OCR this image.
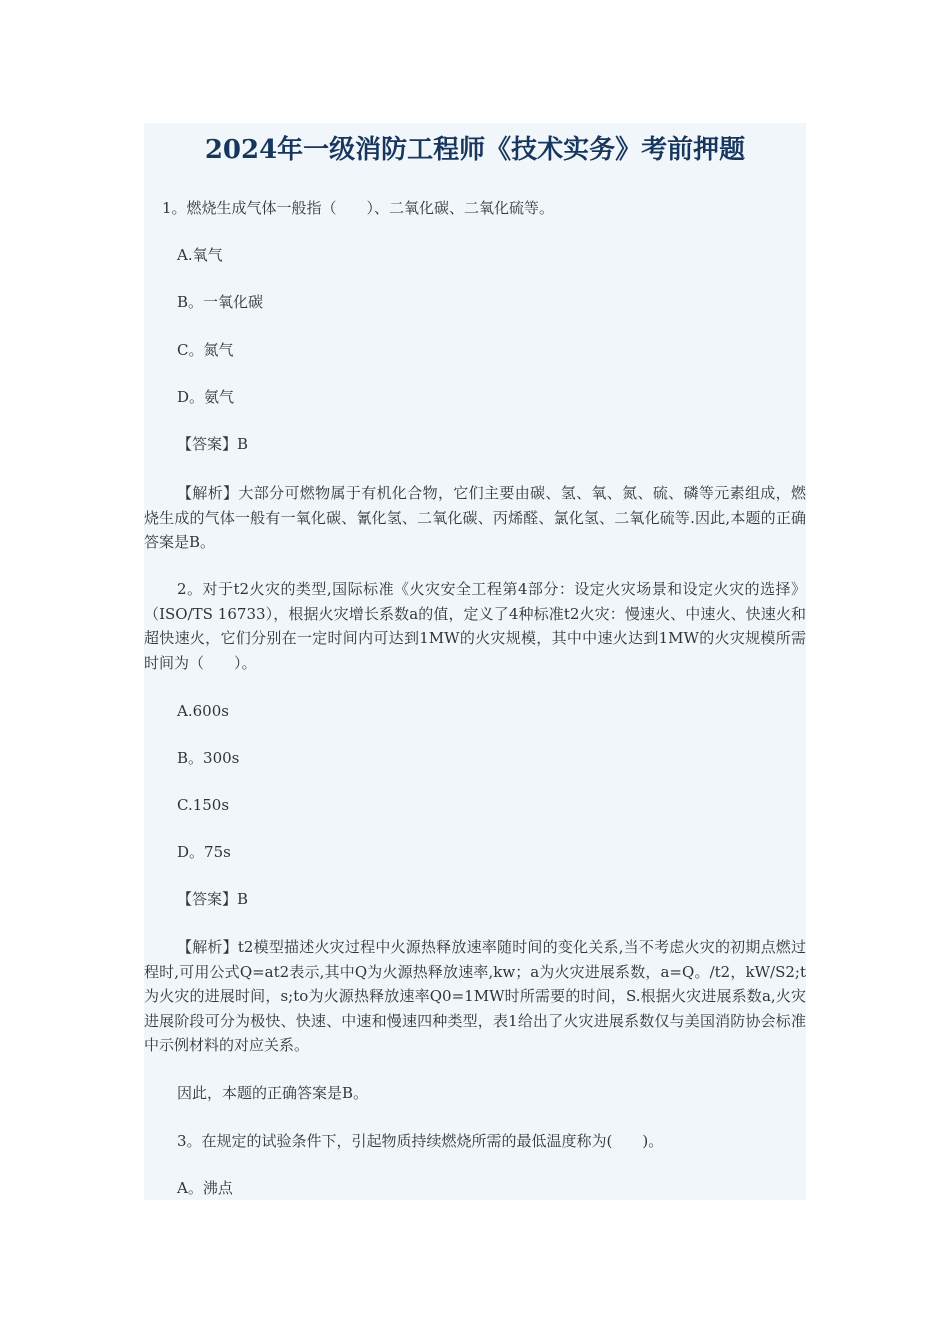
2024年一级消防工程师《技术实务》考前押题

1。燃烧生成气体一般指（　　）、二氧化碳、二氧化硫等。

A.氧气

B。一氧化碳

C。氮气

D。氨气

【答案】B

【解析】大部分可燃物属于有机化合物，它们主要由碳、氢、氧、氮、硫、磷等元素组成，燃烧生成的气体一般有一氧化碳、氰化氢、二氧化碳、丙烯醛、氯化氢、二氧化硫等.因此,本题的正确答案是B。

2。对于t2火灾的类型,国际标准《火灾安全工程第4部分：设定火灾场景和设定火灾的选择》（ISO/TS 16733），根据火灾增长系数a的值，定义了4种标准t2火灾：慢速火、中速火、快速火和超快速火，它们分别在一定时间内可达到1MW的火灾规模，其中中速火达到1MW的火灾规模所需时间为（　　）。

A.600s

B。300s

C.150s

D。75s

【答案】B

【解析】t2模型描述火灾过程中火源热释放速率随时间的变化关系,当不考虑火灾的初期点燃过程时,可用公式Q=at2表示,其中Q为火源热释放速率,kw；a为火灾进展系数，a=Q。/t2，kW/S2;t为火灾的进展时间，s;to为火源热释放速率Q0=1MW时所需要的时间，S.根据火灾进展系数a,火灾进展阶段可分为极快、快速、中速和慢速四种类型，表1给出了火灾进展系数仅与美国消防协会标准中示例材料的对应关系。

因此，本题的正确答案是B。

3。在规定的试验条件下，引起物质持续燃烧所需的最低温度称为(　　)。

A。沸点
